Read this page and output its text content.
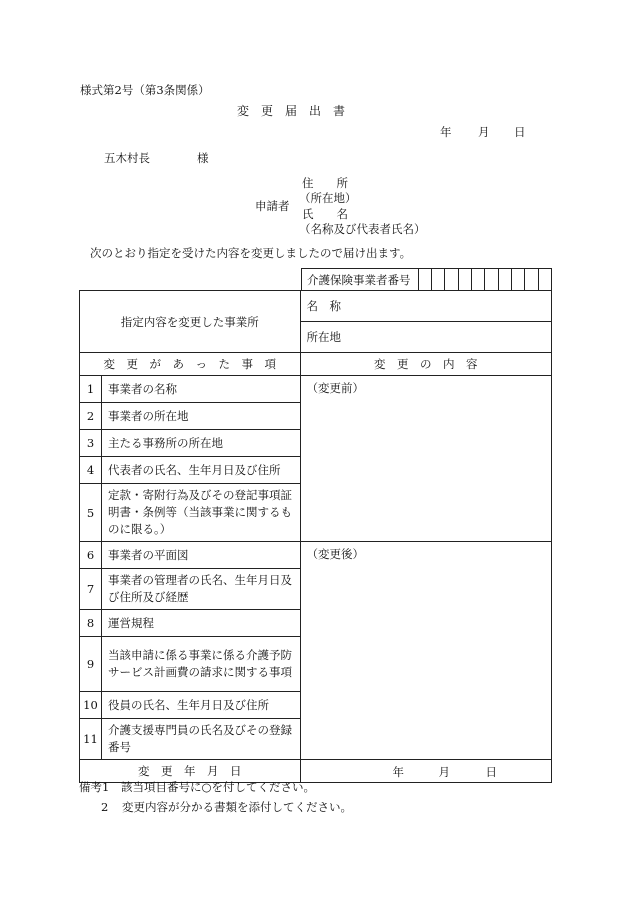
様式第2号（第3条関係）
変　更　届　出　書
年 月 日
五木村長	様
申請者
住　　所
（所在地）
氏　　名
（名称及び代表者氏名）
次のとおり指定を受けた内容を変更しましたので届け出ます。
介護保険事業者番号										
指定内容を変更した事業所		名　称
		所在地
変　更　が　あ　っ　た　事　項		変　更　の　内　容
1	事業者の名称	（変更前）
2	事業者の所在地	
3	主たる事務所の所在地	
4	代表者の氏名、生年月日及び住所	
5	定款・寄附行為及びその登記事項証明書・条例等（当該事業に関するものに限る。）	
6	事業者の平面図	（変更後）
7	事業者の管理者の氏名、生年月日及び住所及び経歴	
8	運営規程	
9	当該申請に係る事業に係る介護予防サービス計画費の請求に関する事項	
10	役員の氏名、生年月日及び住所	
11	介護支援専門員の氏名及びその登録番号	
変　更　年　月　日		年 月 日
備考1 該当項目番号に○を付してください。
2 変更内容が分かる書類を添付してください。
